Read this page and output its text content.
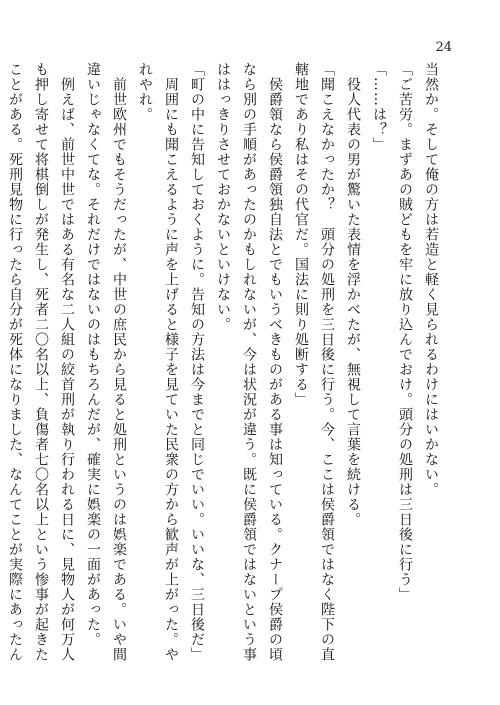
24
当然か。そして俺の方は若造と軽く見られるわけにはいかない。
「ご苦労。まずあの賊どもを牢に放り込んでおけ。頭分の処刑は三日後に行う」
「……は？」
　役人代表の男が驚いた表情を浮かべたが、無視して言葉を続ける。
「聞こえなかったか？　頭分の処刑を三日後に行う。今、ここは侯爵領ではなく陛下の直
轄地であり私はその代官だ。国法に則り処断する」
　侯爵領なら侯爵領独自法とでもいうべきものがある事は知っている。クナープ侯爵の頃
なら別の手順があったのかもしれないが、今は状況が違う。既に侯爵領ではないという事
ははっきりさせておかないといけない。
「町の中に告知しておくように。告知の方法は今までと同じでいい。いいな、三日後だ」
　周囲にも聞こえるように声を上げると様子を見ていた民衆の方から歓声が上がった。や
れやれ。
　前世欧州でもそうだったが、中世の庶民から見ると処刑というのは娯楽である。いや間
違いじゃなくてな。それだけではないのはもちろんだが、確実に娯楽の一面があった。
　例えば、前世中世ではある有名な二人組の絞首刑が執り行われる日に、見物人が何万人
も押し寄せて将棋倒しが発生し、死者二〇名以上、負傷者七〇名以上という惨事が起きた
ことがある。死刑見物に行ったら自分が死体になりました、なんてことが実際にあったん
